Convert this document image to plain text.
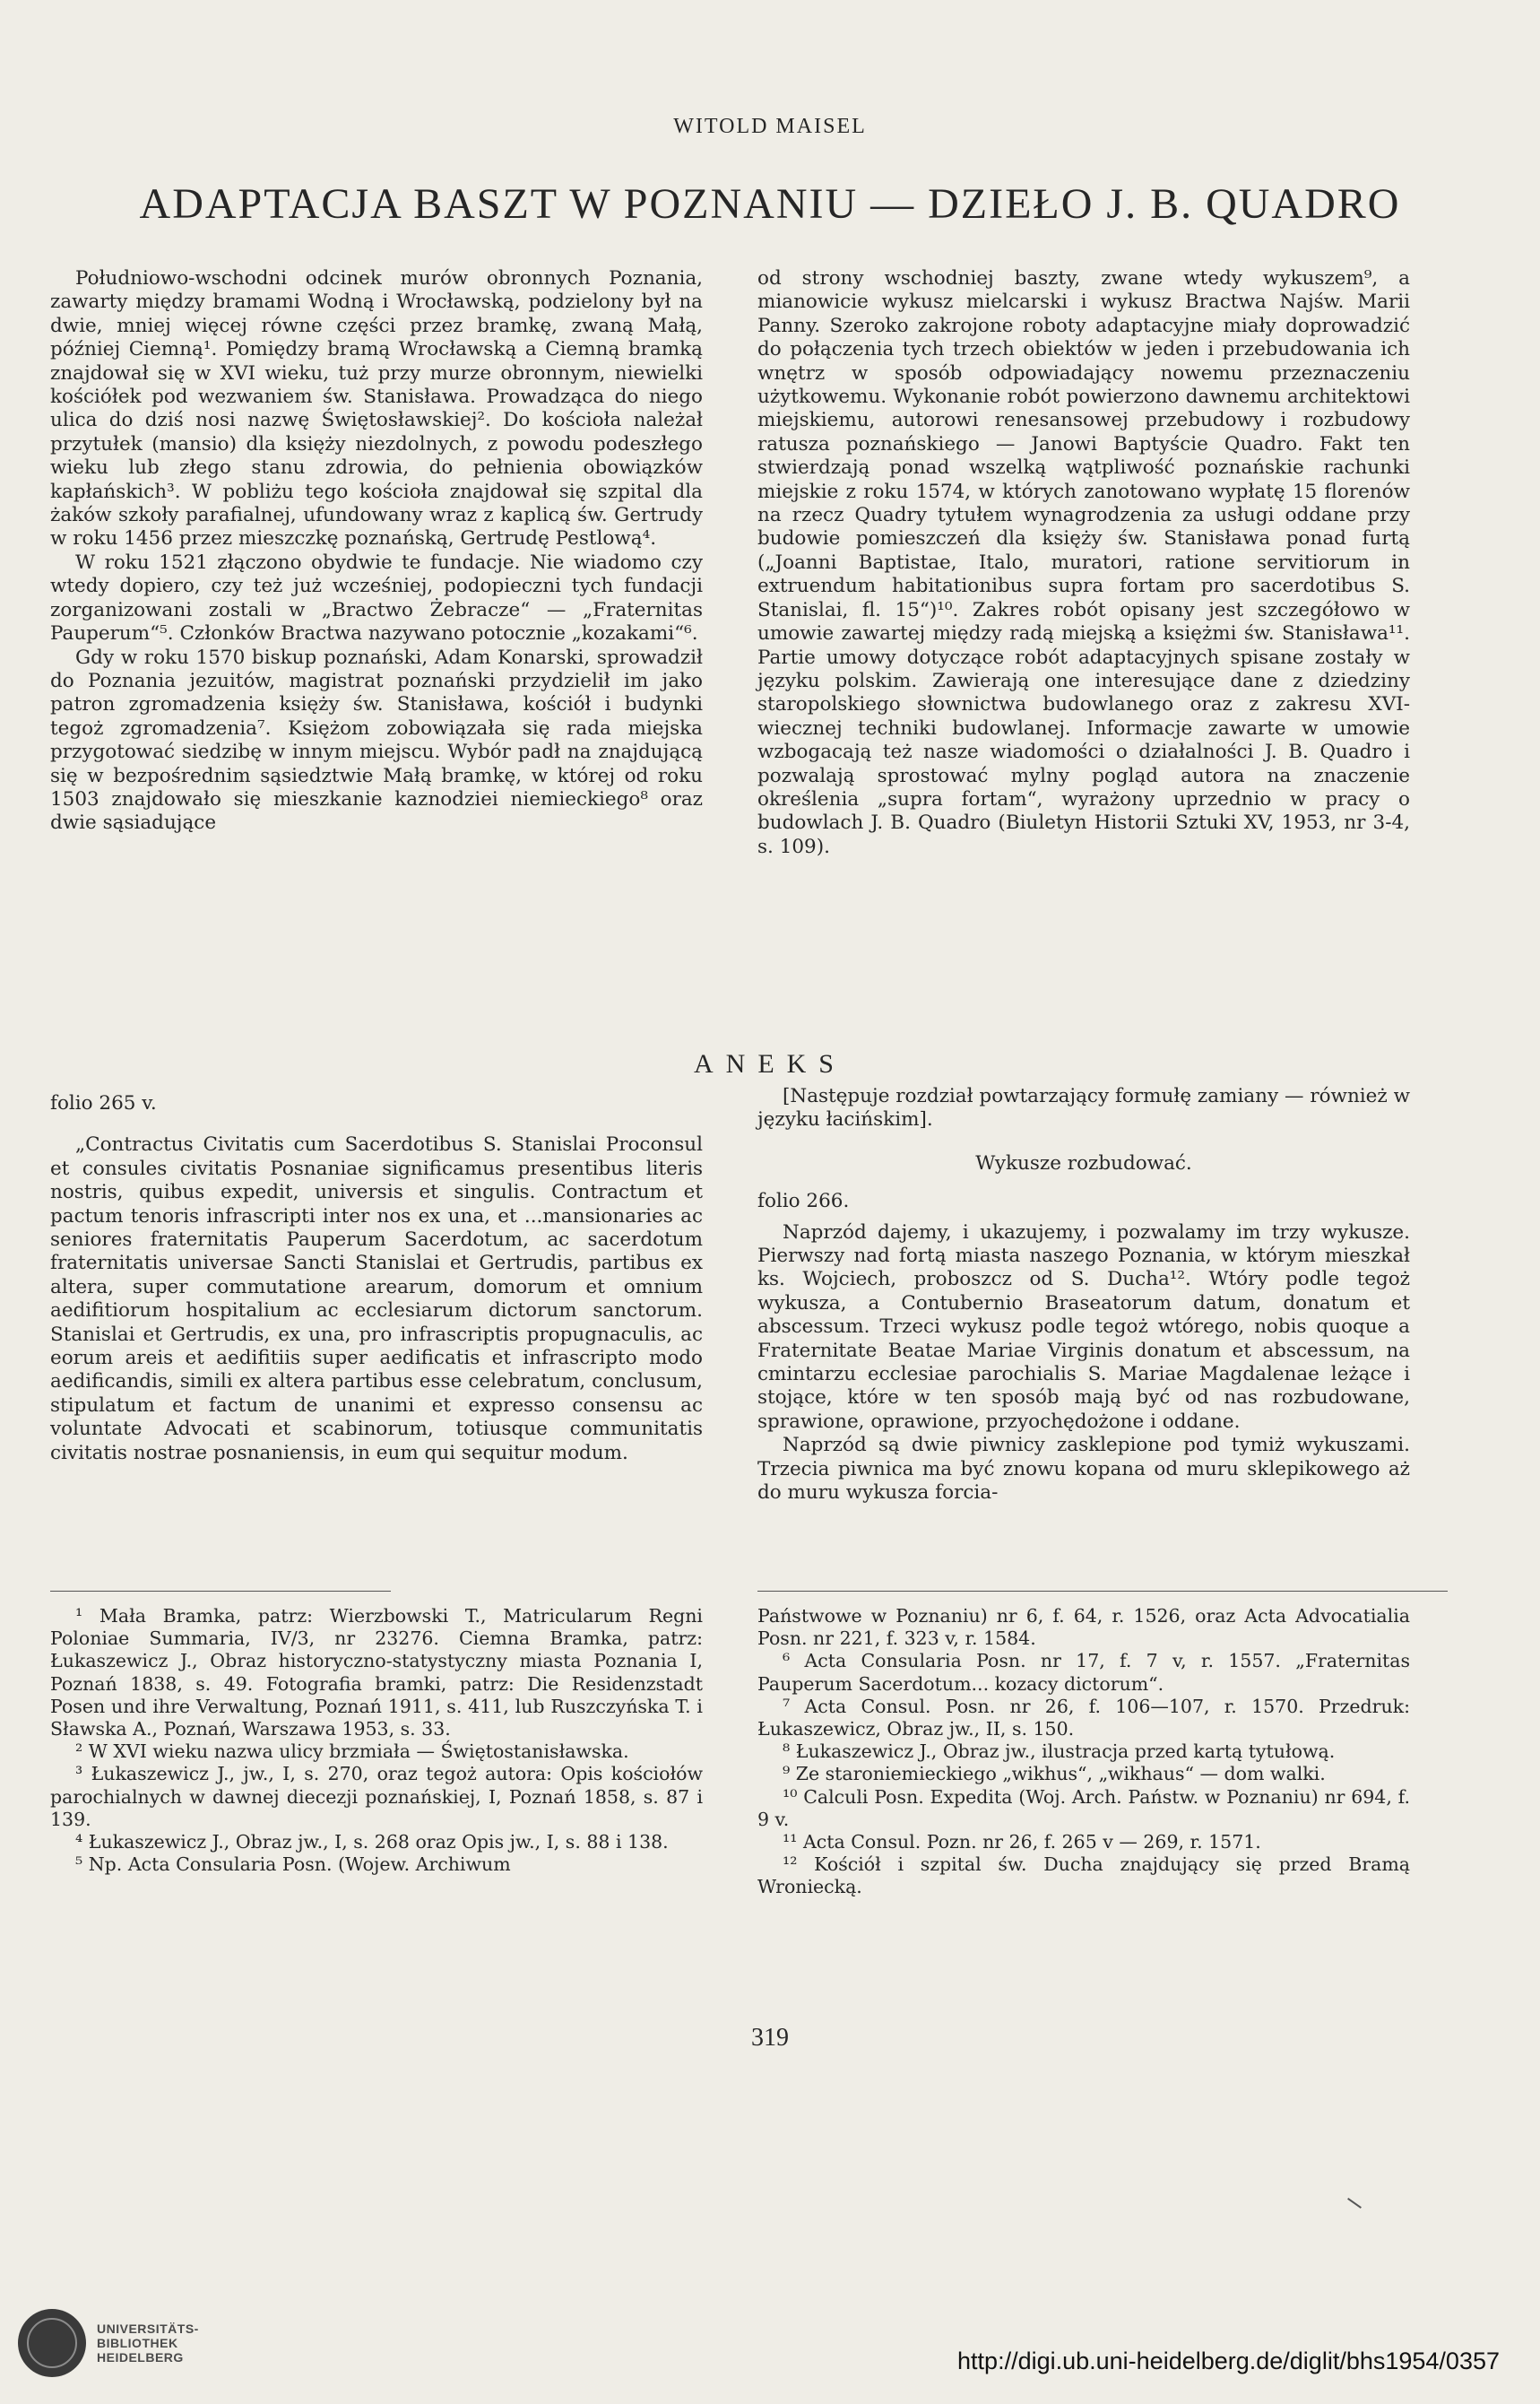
WITOLD MAISEL
ADAPTACJA BASZT W POZNANIU — DZIEŁO J. B. QUADRO

Południowo-wschodni odcinek murów obronnych Poznania, zawarty między bramami Wodną i Wrocławską, podzielony był na dwie, mniej więcej równe części przez bramkę, zwaną Małą, później Ciemną¹. Pomiędzy bramą Wrocławską a Ciemną bramką znajdował się w XVI wieku, tuż przy murze obronnym, niewielki kościółek pod wezwaniem św. Stanisława. Prowadząca do niego ulica do dziś nosi nazwę Świętosławskiej². Do kościoła należał przytułek (mansio) dla księży niezdolnych, z powodu podeszłego wieku lub złego stanu zdrowia, do pełnienia obowiązków kapłańskich³. W pobliżu tego kościoła znajdował się szpital dla żaków szkoły parafialnej, ufundowany wraz z kaplicą św. Gertrudy w roku 1456 przez mieszczkę poznańską, Gertrudę Pestlową⁴.

W roku 1521 złączono obydwie te fundacje. Nie wiadomo czy wtedy dopiero, czy też już wcześniej, podopieczni tych fundacji zorganizowani zostali w „Bractwo Żebracze“ — „Fraternitas Pauperum“⁵. Członków Bractwa nazywano potocznie „kozakami“⁶.

Gdy w roku 1570 biskup poznański, Adam Konarski, sprowadził do Poznania jezuitów, magistrat poznański przydzielił im jako patron zgromadzenia księży św. Stanisława, kościół i budynki tegoż zgromadzenia⁷. Księżom zobowiązała się rada miejska przygotować siedzibę w innym miejscu. Wybór padł na znajdującą się w bezpośrednim sąsiedztwie Małą bramkę, w której od roku 1503 znajdowało się mieszkanie kaznodziei niemieckiego⁸ oraz dwie sąsiadujące

od strony wschodniej baszty, zwane wtedy wykuszem⁹, a mianowicie wykusz mielcarski i wykusz Bractwa Najśw. Marii Panny. Szeroko zakrojone roboty adaptacyjne miały doprowadzić do połączenia tych trzech obiektów w jeden i przebudowania ich wnętrz w sposób odpowiadający nowemu przeznaczeniu użytkowemu. Wykonanie robót powierzono dawnemu architektowi miejskiemu, autorowi renesansowej przebudowy i rozbudowy ratusza poznańskiego — Janowi Baptyście Quadro. Fakt ten stwierdzają ponad wszelką wątpliwość poznańskie rachunki miejskie z roku 1574, w których zanotowano wypłatę 15 florenów na rzecz Quadry tytułem wynagrodzenia za usługi oddane przy budowie pomieszczeń dla księży św. Stanisława ponad furtą („Joanni Baptistae, Italo, muratori, ratione servitiorum in extruendum habitationibus supra fortam pro sacerdotibus S. Stanislai, fl. 15“)¹⁰. Zakres robót opisany jest szczegółowo w umowie zawartej między radą miejską a księżmi św. Stanisława¹¹. Partie umowy dotyczące robót adaptacyjnych spisane zostały w języku polskim. Zawierają one interesujące dane z dziedziny staropolskiego słownictwa budowlanego oraz z zakresu XVI-wiecznej techniki budowlanej. Informacje zawarte w umowie wzbogacają też nasze wiadomości o działalności J. B. Quadro i pozwalają sprostować mylny pogląd autora na znaczenie określenia „supra fortam“, wyrażony uprzednio w pracy o budowlach J. B. Quadro (Biuletyn Historii Sztuki XV, 1953, nr 3-4, s. 109).

ANEKS

folio 265 v.

„Contractus Civitatis cum Sacerdotibus S. Stanislai Proconsul et consules civitatis Posnaniae significamus presentibus literis nostris, quibus expedit, universis et singulis. Contractum et pactum tenoris infrascripti inter nos ex una, et ...mansionaries ac seniores fraternitatis Pauperum Sacerdotum, ac sacerdotum fraternitatis universae Sancti Stanislai et Gertrudis, partibus ex altera, super commutatione arearum, domorum et omnium aedifitiorum hospitalium ac ecclesiarum dictorum sanctorum. Stanislai et Gertrudis, ex una, pro infrascriptis propugnaculis, ac eorum areis et aedifitiis super aedificatis et infrascripto modo aedificandis, simili ex altera partibus esse celebratum, conclusum, stipulatum et factum de unanimi et expresso consensu ac voluntate Advocati et scabinorum, totiusque communitatis civitatis nostrae posnaniensis, in eum qui sequitur modum.

[Następuje rozdział powtarzający formułę zamiany — również w języku łacińskim].

Wykusze rozbudować.

folio 266.

Naprzód dajemy, i ukazujemy, i pozwalamy im trzy wykusze. Pierwszy nad fortą miasta naszego Poznania, w którym mieszkał ks. Wojciech, proboszcz od S. Ducha¹². Wtóry podle tegoż wykusza, a Contubernio Braseatorum datum, donatum et abscessum. Trzeci wykusz podle tegoż wtórego, nobis quoque a Fraternitate Beatae Mariae Virginis donatum et abscessum, na cmintarzu ecclesiae parochialis S. Mariae Magdalenae leżące i stojące, które w ten sposób mają być od nas rozbudowane, sprawione, oprawione, przyochędożone i oddane.

Naprzód są dwie piwnicy zasklepione pod tymiż wykuszami. Trzecia piwnica ma być znowu kopana od muru sklepikowego aż do muru wykusza forcia-

¹ Mała Bramka, patrz: Wierzbowski T., Matricularum Regni Poloniae Summaria, IV/3, nr 23276. Ciemna Bramka, patrz: Łukaszewicz J., Obraz historyczno-statystyczny miasta Poznania I, Poznań 1838, s. 49. Fotografia bramki, patrz: Die Residenzstadt Posen und ihre Verwaltung, Poznań 1911, s. 411, lub Ruszczyńska T. i Sławska A., Poznań, Warszawa 1953, s. 33.

² W XVI wieku nazwa ulicy brzmiała — Świętostanisławska.

³ Łukaszewicz J., jw., I, s. 270, oraz tegoż autora: Opis kościołów parochialnych w dawnej diecezji poznańskiej, I, Poznań 1858, s. 87 i 139.

⁴ Łukaszewicz J., Obraz jw., I, s. 268 oraz Opis jw., I, s. 88 i 138.

⁵ Np. Acta Consularia Posn. (Wojew. Archiwum

Państwowe w Poznaniu) nr 6, f. 64, r. 1526, oraz Acta Advocatialia Posn. nr 221, f. 323 v, r. 1584.

⁶ Acta Consularia Posn. nr 17, f. 7 v, r. 1557. „Fraternitas Pauperum Sacerdotum... kozacy dictorum“.

⁷ Acta Consul. Posn. nr 26, f. 106—107, r. 1570. Przedruk: Łukaszewicz, Obraz jw., II, s. 150.

⁸ Łukaszewicz J., Obraz jw., ilustracja przed kartą tytułową.

⁹ Ze staroniemieckiego „wikhus“, „wikhaus“ — dom walki.

¹⁰ Calculi Posn. Expedita (Woj. Arch. Państw. w Poznaniu) nr 694, f. 9 v.

¹¹ Acta Consul. Pozn. nr 26, f. 265 v — 269, r. 1571.

¹² Kościół i szpital św. Ducha znajdujący się przed Bramą Wroniecką.

319
UNIVERSITÄTS-
BIBLIOTHEK
HEIDELBERG	http://digi.ub.uni-heidelberg.de/diglit/bhs1954/0357
